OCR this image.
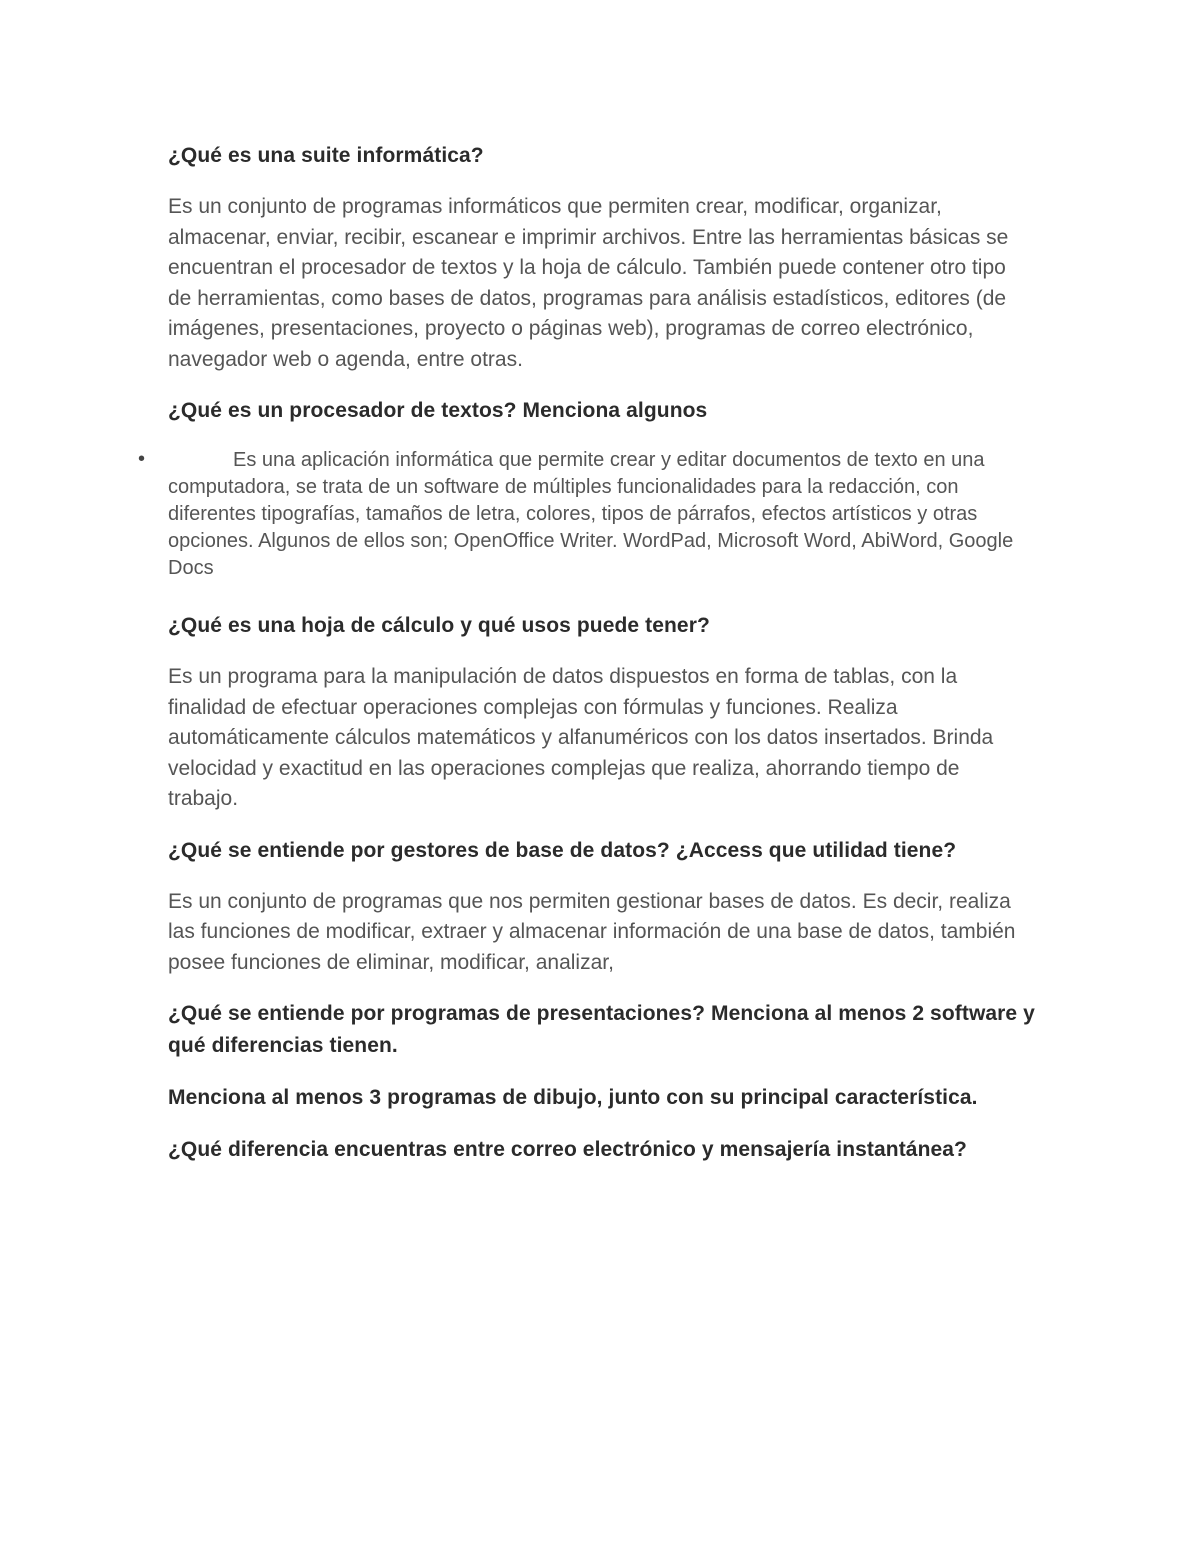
¿Qué es una suite informática?

Es un conjunto de programas informáticos que permiten crear, modificar, organizar, almacenar, enviar, recibir, escanear e imprimir archivos. Entre las herramientas básicas se encuentran el procesador de textos y la hoja de cálculo. También puede contener otro tipo de herramientas, como bases de datos, programas para análisis estadísticos, editores (de imágenes, presentaciones, proyecto o páginas web), programas de correo electrónico, navegador web o agenda, entre otras.

¿Qué es un procesador de textos? Menciona algunos
•	Es una aplicación informática que permite crear y editar documentos de texto en una computadora, se trata de un software de múltiples funcionalidades para la redacción, con diferentes tipografías, tamaños de letra, colores, tipos de párrafos, efectos artísticos y otras opciones. Algunos de ellos son; OpenOffice Writer. WordPad, Microsoft Word, AbiWord, Google Docs

¿Qué es una hoja de cálculo y qué usos puede tener?

Es un programa para la manipulación de datos dispuestos en forma de tablas, con la finalidad de efectuar operaciones complejas con fórmulas y funciones. Realiza automáticamente cálculos matemáticos y alfanuméricos con los datos insertados. Brinda velocidad y exactitud en las operaciones complejas que realiza, ahorrando tiempo de trabajo.

¿Qué se entiende por gestores de base de datos? ¿Access que utilidad tiene?

Es un conjunto de programas que nos permiten gestionar bases de datos. Es decir, realiza las funciones de modificar, extraer y almacenar información de una base de datos, también posee funciones de eliminar, modificar, analizar,

¿Qué se entiende por programas de presentaciones? Menciona al menos 2 software y qué diferencias tienen.
Menciona al menos 3 programas de dibujo, junto con su principal característica.
¿Qué diferencia encuentras entre correo electrónico y mensajería instantánea?
